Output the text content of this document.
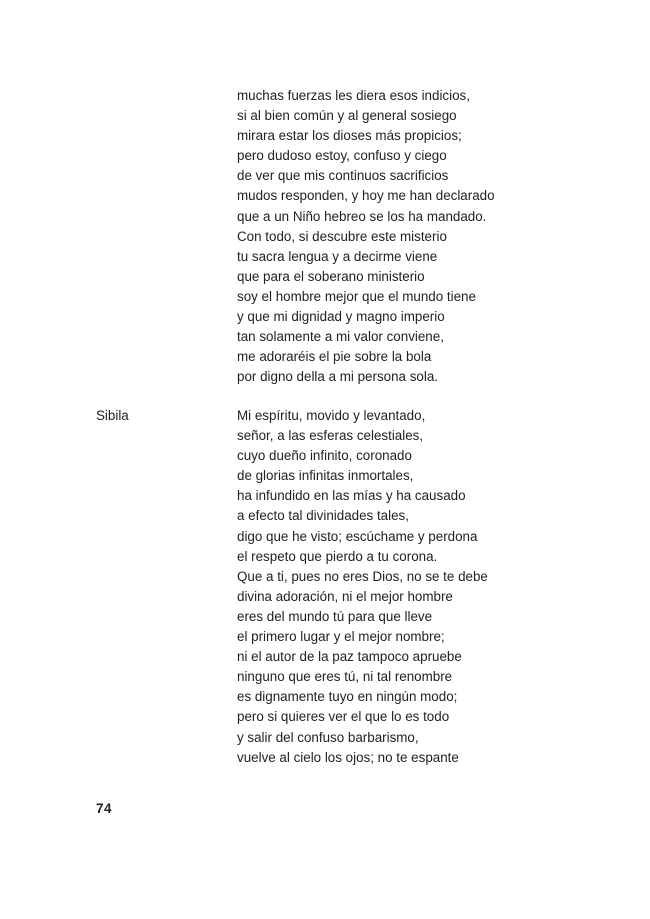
muchas fuerzas les diera esos indicios,
si al bien común y al general sosiego
mirara estar los dioses más propicios;
pero dudoso estoy, confuso y ciego
de ver que mis continuos sacrificios
mudos responden, y hoy me han declarado
que a un Niño hebreo se los ha mandado.
Con todo, si descubre este misterio
tu sacra lengua y a decirme viene
que para el soberano ministerio
soy el hombre mejor que el mundo tiene
y que mi dignidad y magno imperio
tan solamente a mi valor conviene,
me adoraréis el pie sobre la bola
por digno della a mi persona sola.
Sibila	Mi espíritu, movido y levantado,
señor, a las esferas celestiales,
cuyo dueño infinito, coronado
de glorias infinitas inmortales,
ha infundido en las mías y ha causado
a efecto tal divinidades tales,
digo que he visto; escúchame y perdona
el respeto que pierdo a tu corona.
Que a ti, pues no eres Dios, no se te debe
divina adoración, ni el mejor hombre
eres del mundo tú para que lleve
el primero lugar y el mejor nombre;
ni el autor de la paz tampoco apruebe
ninguno que eres tú, ni tal renombre
es dignamente tuyo en ningún modo;
pero si quieres ver el que lo es todo
y salir del confuso barbarismo,
vuelve al cielo los ojos; no te espante
74
